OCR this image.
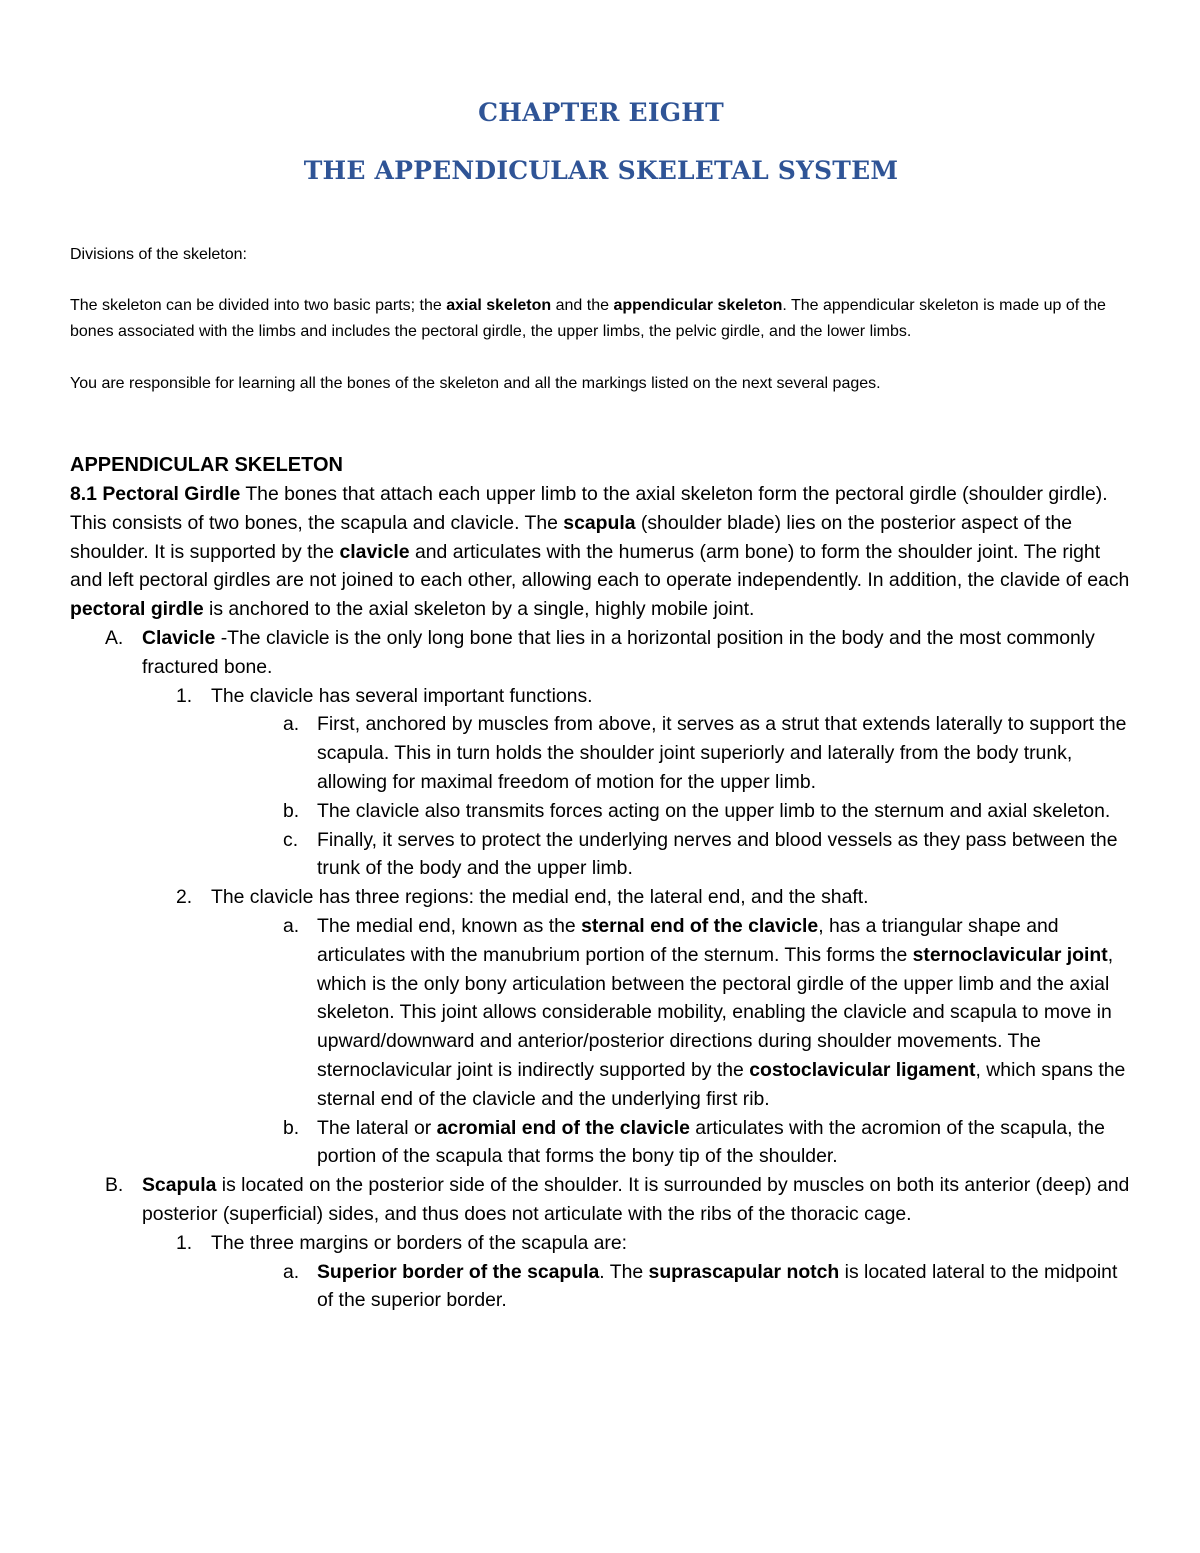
CHAPTER EIGHT
THE APPENDICULAR SKELETAL SYSTEM
Divisions of the skeleton:

The skeleton can be divided into two basic parts; the axial skeleton and the appendicular skeleton. The appendicular skeleton is made up of the bones associated with the limbs and includes the pectoral girdle, the upper limbs, the pelvic girdle, and the lower limbs.

You are responsible for learning all the bones of the skeleton and all the markings listed on the next several pages.

APPENDICULAR SKELETON
8.1 Pectoral Girdle The bones that attach each upper limb to the axial skeleton form the pectoral girdle (shoulder girdle). This consists of two bones, the scapula and clavicle. The scapula (shoulder blade) lies on the posterior aspect of the shoulder. It is supported by the clavicle and articulates with the humerus (arm bone) to form the shoulder joint. The right and left pectoral girdles are not joined to each other, allowing each to operate independently. In addition, the clavide of each pectoral girdle is anchored to the axial skeleton by a single, highly mobile joint.
A. Clavicle -The clavicle is the only long bone that lies in a horizontal position in the body and the most commonly fractured bone.
1. The clavicle has several important functions.
a. First, anchored by muscles from above, it serves as a strut that extends laterally to support the scapula. This in turn holds the shoulder joint superiorly and laterally from the body trunk, allowing for maximal freedom of motion for the upper limb.
b. The clavicle also transmits forces acting on the upper limb to the sternum and axial skeleton.
c. Finally, it serves to protect the underlying nerves and blood vessels as they pass between the trunk of the body and the upper limb.
2. The clavicle has three regions: the medial end, the lateral end, and the shaft.
a. The medial end, known as the sternal end of the clavicle, has a triangular shape and articulates with the manubrium portion of the sternum. This forms the sternoclavicular joint, which is the only bony articulation between the pectoral girdle of the upper limb and the axial skeleton. This joint allows considerable mobility, enabling the clavicle and scapula to move in upward/downward and anterior/posterior directions during shoulder movements. The sternoclavicular joint is indirectly supported by the costoclavicular ligament, which spans the sternal end of the clavicle and the underlying first rib.
b. The lateral or acromial end of the clavicle articulates with the acromion of the scapula, the portion of the scapula that forms the bony tip of the shoulder.
B. Scapula is located on the posterior side of the shoulder. It is surrounded by muscles on both its anterior (deep) and posterior (superficial) sides, and thus does not articulate with the ribs of the thoracic cage.
1. The three margins or borders of the scapula are:
a. Superior border of the scapula. The suprascapular notch is located lateral to the midpoint of the superior border.
